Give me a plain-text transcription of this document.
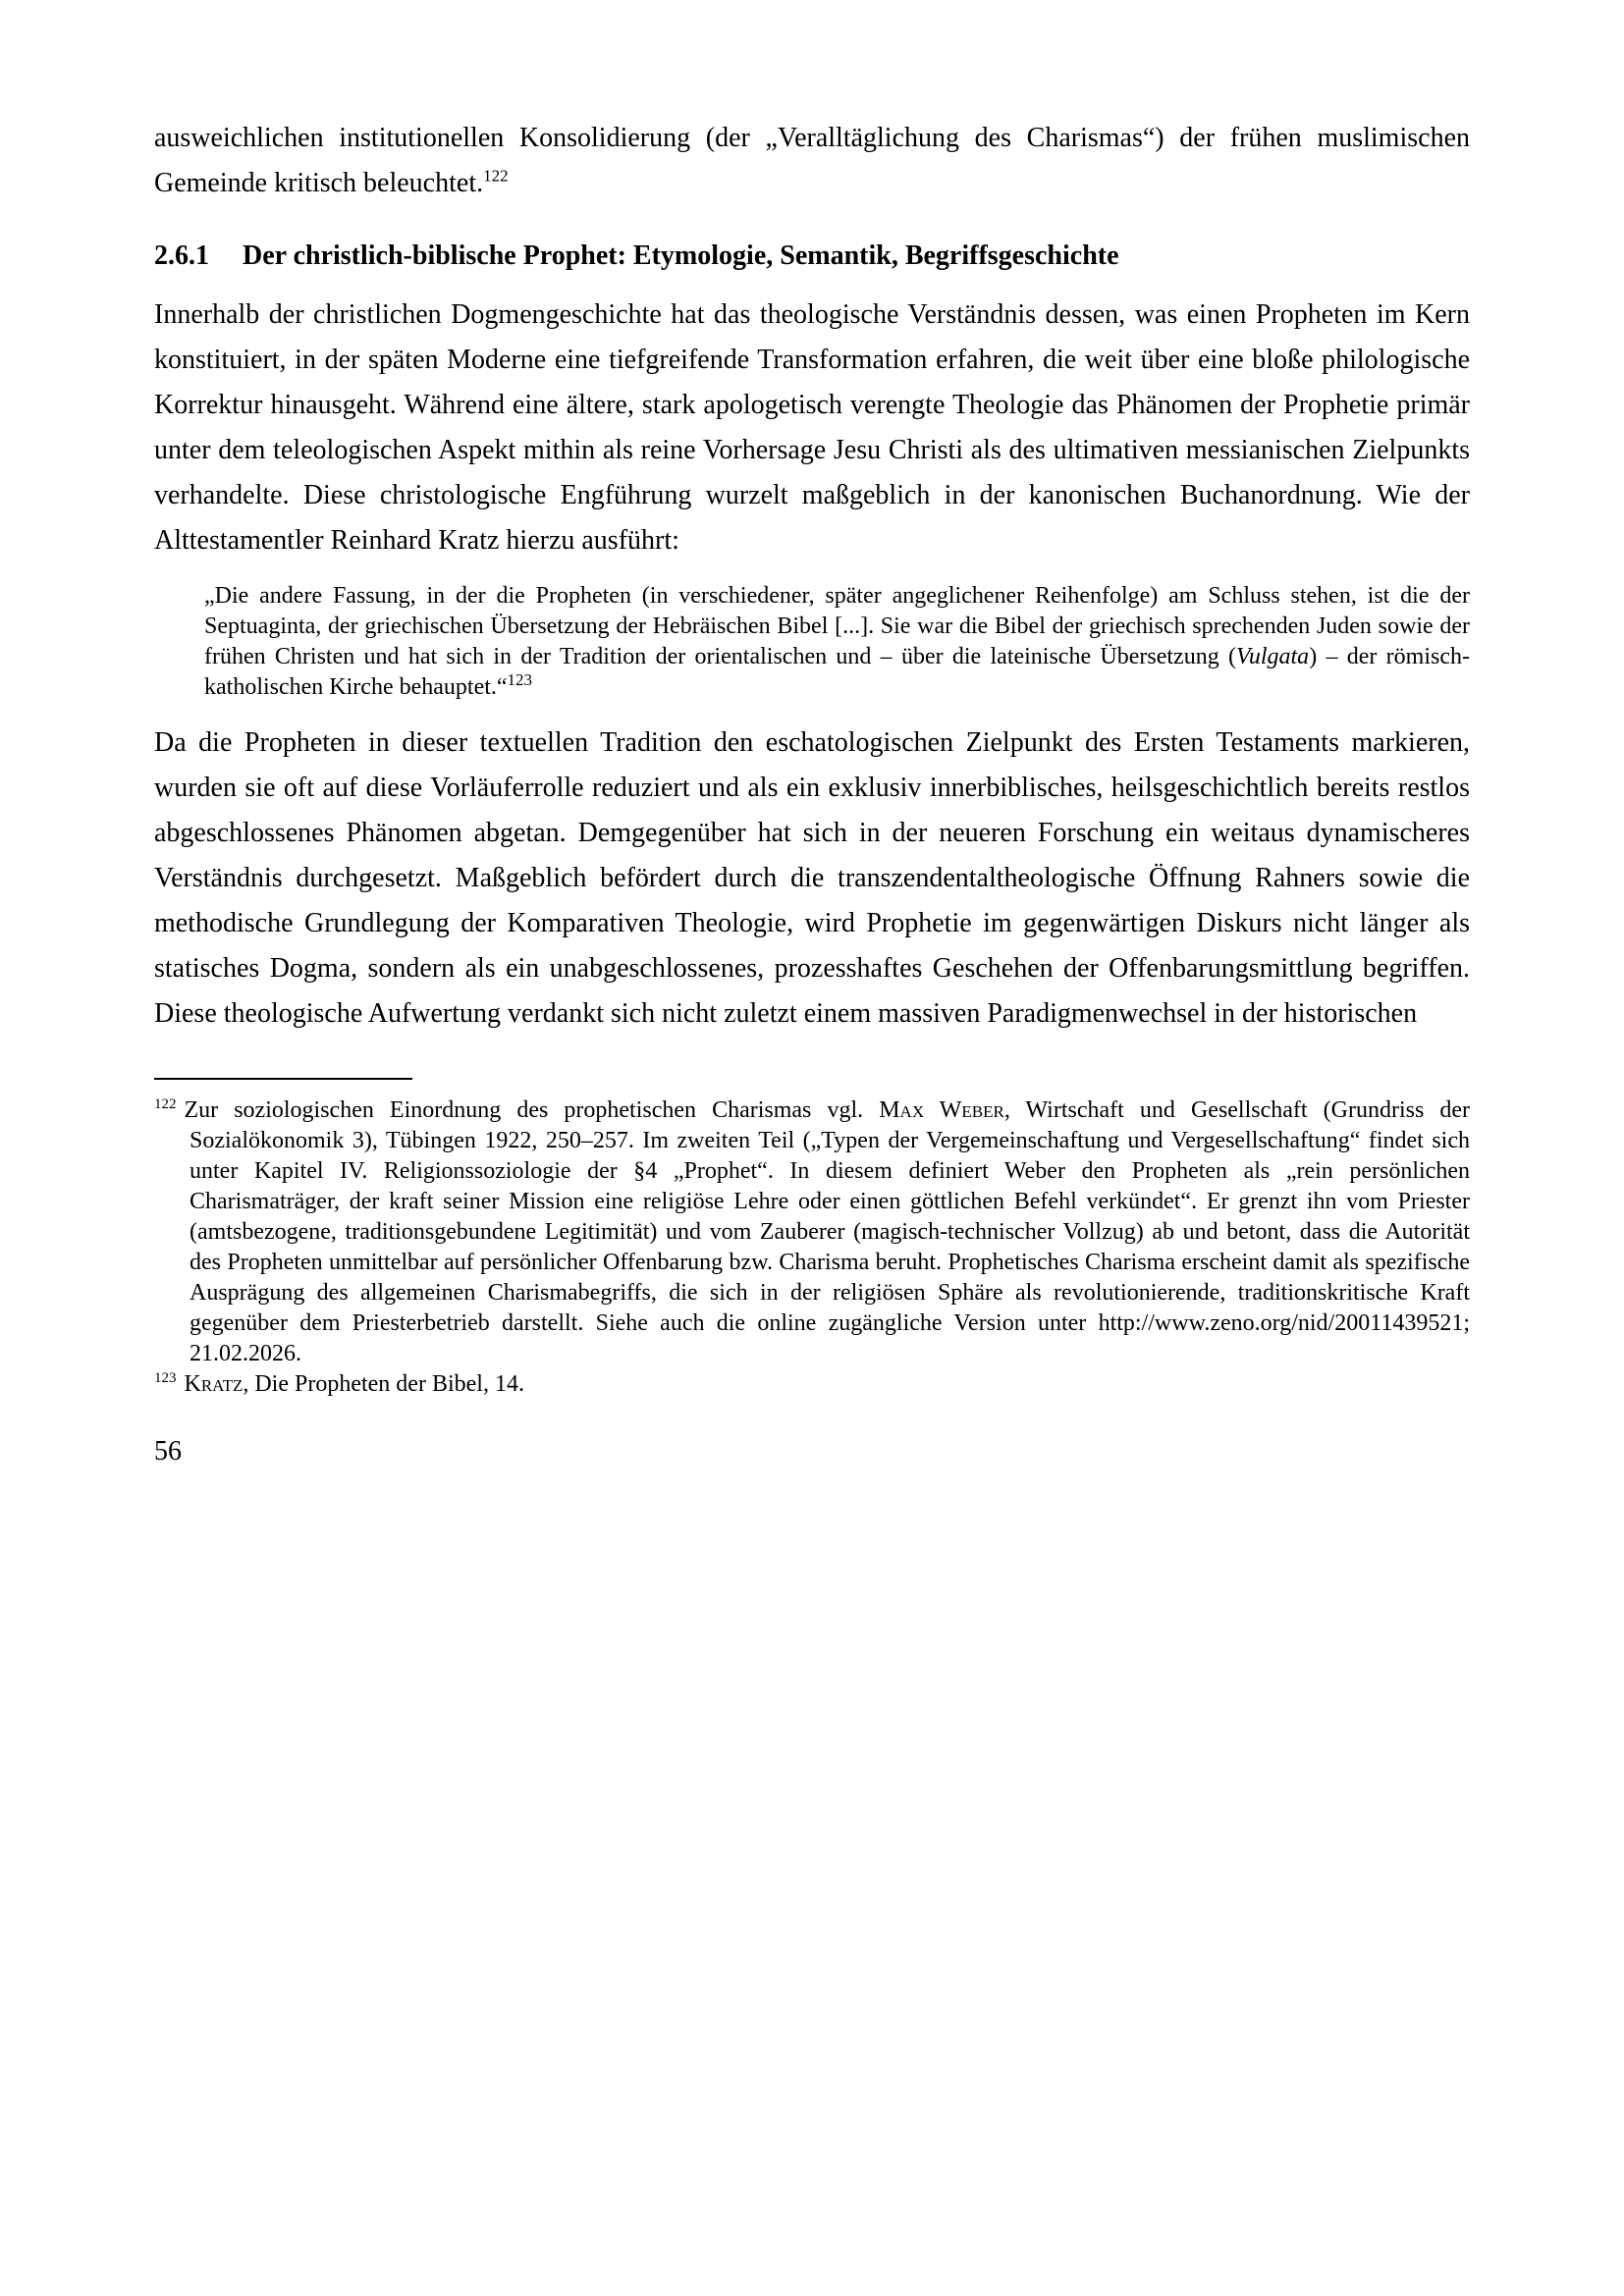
ausweichlichen institutionellen Konsolidierung (der „Veralltäglichung des Charismas“) der frühen muslimischen Gemeinde kritisch beleuchtet.$^{122}$

2.6.1 Der christlich-biblische Prophet: Etymologie, Semantik, Begriffsgeschichte

Innerhalb der christlichen Dogmengeschichte hat das theologische Verständnis dessen, was einen Propheten im Kern konstituiert, in der späten Moderne eine tiefgreifende Transformation erfahren, die weit über eine bloße philologische Korrektur hinausgeht. Während eine ältere, stark apologetisch verengte Theologie das Phänomen der Prophetie primär unter dem teleologischen Aspekt mithin als reine Vorhersage Jesu Christi als des ultimativen messianischen Zielpunkts verhandelte. Diese christologische Engführung wurzelt maßgeblich in der kanonischen Buchanordnung. Wie der Alttestamentler Reinhard Kratz hierzu ausführt:

„Die andere Fassung, in der die Propheten (in verschiedener, später angeglichener Reihenfolge) am Schluss stehen, ist die der Septuaginta, der griechischen Übersetzung der Hebräischen Bibel [...]. Sie war die Bibel der griechisch sprechenden Juden sowie der frühen Christen und hat sich in der Tradition der orientalischen und – über die lateinische Übersetzung (Vulgata) – der römisch-katholischen Kirche behauptet.“$^{123}$

Da die Propheten in dieser textuellen Tradition den eschatologischen Zielpunkt des Ersten Testaments markieren, wurden sie oft auf diese Vorläuferrolle reduziert und als ein exklusiv innerbiblisches, heilsgeschichtlich bereits restlos abgeschlossenes Phänomen abgetan. Demgegenüber hat sich in der neueren Forschung ein weitaus dynamischeres Verständnis durchgesetzt. Maßgeblich befördert durch die transzendentaltheologische Öffnung Rahners sowie die methodische Grundlegung der Komparativen Theologie, wird Prophetie im gegenwärtigen Diskurs nicht länger als statisches Dogma, sondern als ein unabgeschlossenes, prozesshaftes Geschehen der Offenbarungsmittlung begriffen. Diese theologische Aufwertung verdankt sich nicht zuletzt einem massiven Paradigmenwechsel in der historischen

$^{122}$ Zur soziologischen Einordnung des prophetischen Charismas vgl. Max Weber, Wirtschaft und Gesellschaft (Grundriss der Sozialökonomik 3), Tübingen 1922, 250–257. Im zweiten Teil („Typen der Vergemeinschaftung und Vergesellschaftung“ findet sich unter Kapitel IV. Religionssoziologie der §4 „Prophet“. In diesem definiert Weber den Propheten als „rein persönlichen Charismaträger, der kraft seiner Mission eine religiöse Lehre oder einen göttlichen Befehl verkündet“. Er grenzt ihn vom Priester (amtsbezogene, traditionsgebundene Legitimität) und vom Zauberer (magisch-technischer Vollzug) ab und betont, dass die Autorität des Propheten unmittelbar auf persönlicher Offenbarung bzw. Charisma beruht. Prophetisches Charisma erscheint damit als spezifische Ausprägung des allgemeinen Charismabegriffs, die sich in der religiösen Sphäre als revolutionierende, traditionskritische Kraft gegenüber dem Priesterbetrieb darstellt. Siehe auch die online zugängliche Version unter http://www.zeno.org/nid/20011439521; 21.02.2026.
$^{123}$ Kratz, Die Propheten der Bibel, 14.
56
